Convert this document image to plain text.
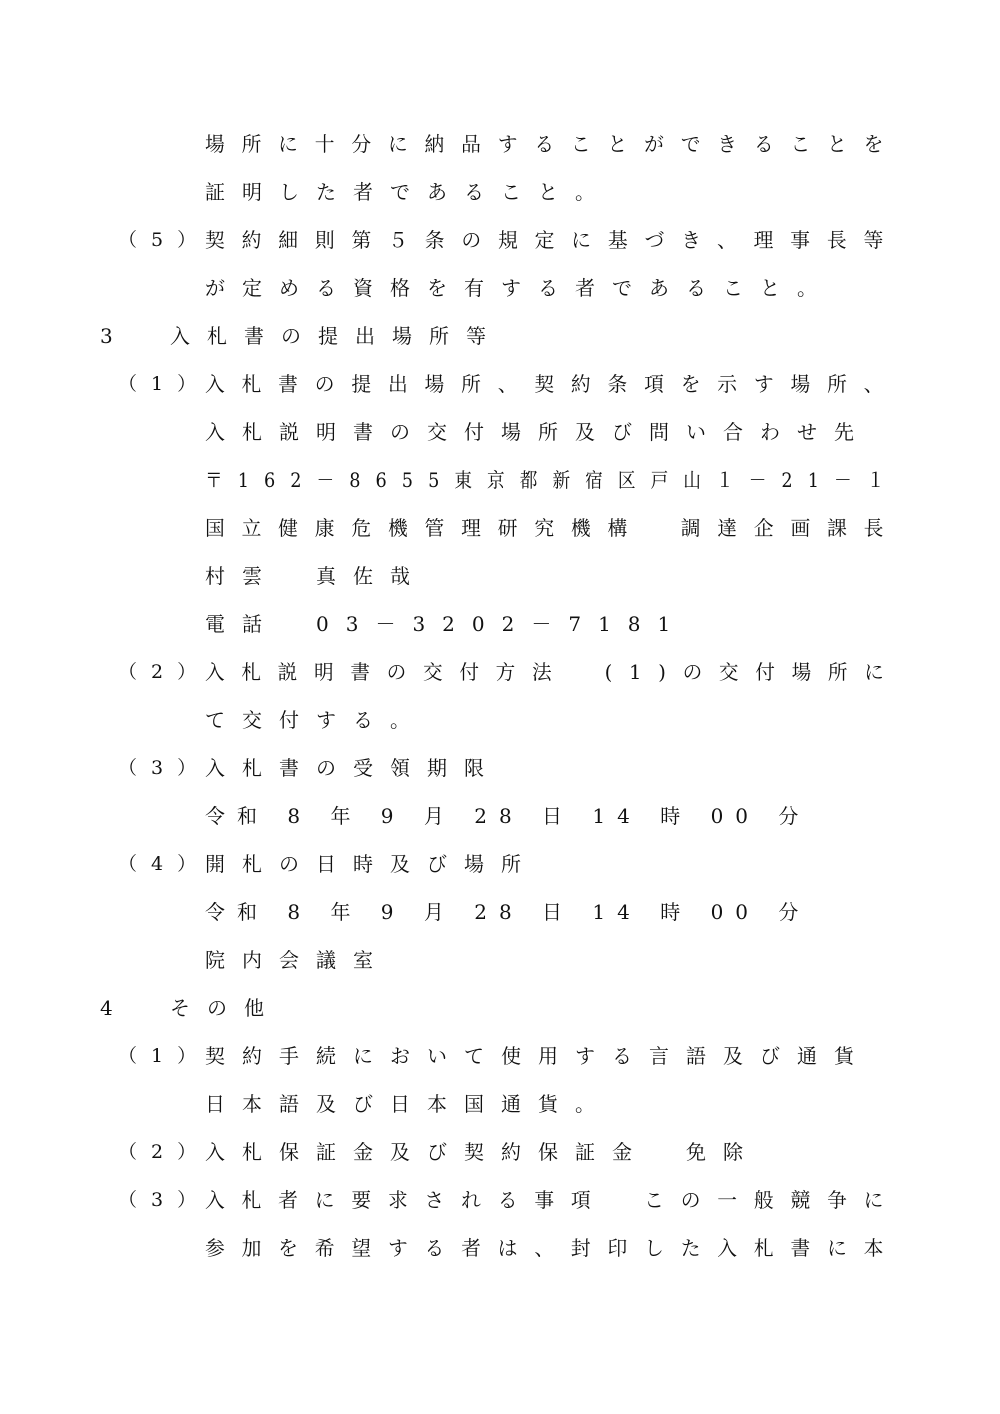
場所に十分に納品することができることを
証明した者であること。
（5）
契約細則第５条の規定に基づき、理事長等
が定める資格を有する者であること。
3	入札書の提出場所等
（1）
入札書の提出場所、契約条項を示す場所、
入札説明書の交付場所及び問い合わせ先
〒162－8655東京都新宿区戸山１－21－１
国立健康危機管理研究機構　調達企画課長
村雲　真佐哉
電話　03－3202－7181
（2）
入札説明書の交付方法　(1)の交付場所に
て交付する。
（3）
入札書の受領期限
令和 8 年 9 月 28 日 14 時 00 分
（4）
開札の日時及び場所
令和 8 年 9 月 28 日 14 時 00 分
院内会議室
4	その他
（1）
契約手続において使用する言語及び通貨
日本語及び日本国通貨。
（2）
入札保証金及び契約保証金　免除
（3）
入札者に要求される事項　この一般競争に
参加を希望する者は、封印した入札書に本
